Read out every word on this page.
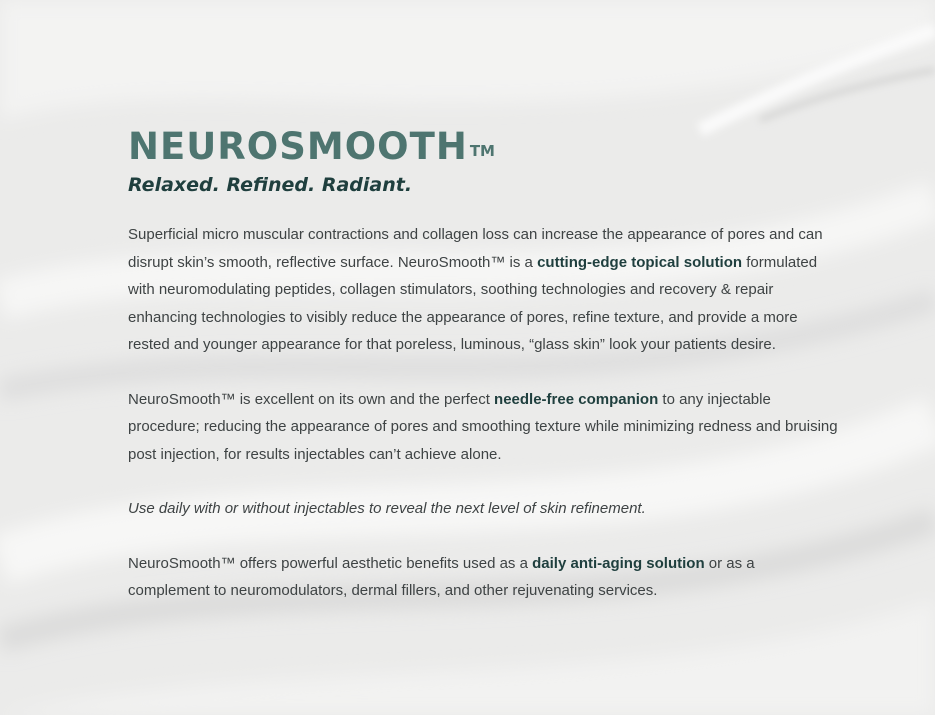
NEUROSMOOTH ™

Relaxed. Refined. Radiant.

Superficial micro muscular contractions and collagen loss can increase the appearance of pores and can disrupt skin’s smooth, reflective surface. NeuroSmooth™ is a cutting-edge topical solution formulated with neuromodulating peptides, collagen stimulators, soothing technologies and recovery & repair enhancing technologies to visibly reduce the appearance of pores, refine texture, and provide a more rested and younger appearance for that poreless, luminous, “glass skin” look your patients desire.

NeuroSmooth™ is excellent on its own and the perfect needle-free companion to any injectable procedure; reducing the appearance of pores and smoothing texture while minimizing redness and bruising post injection, for results injectables can’t achieve alone.

Use daily with or without injectables to reveal the next level of skin refinement.

NeuroSmooth™ offers powerful aesthetic benefits used as a daily anti-aging solution or as a complement to neuromodulators, dermal fillers, and other rejuvenating services.
